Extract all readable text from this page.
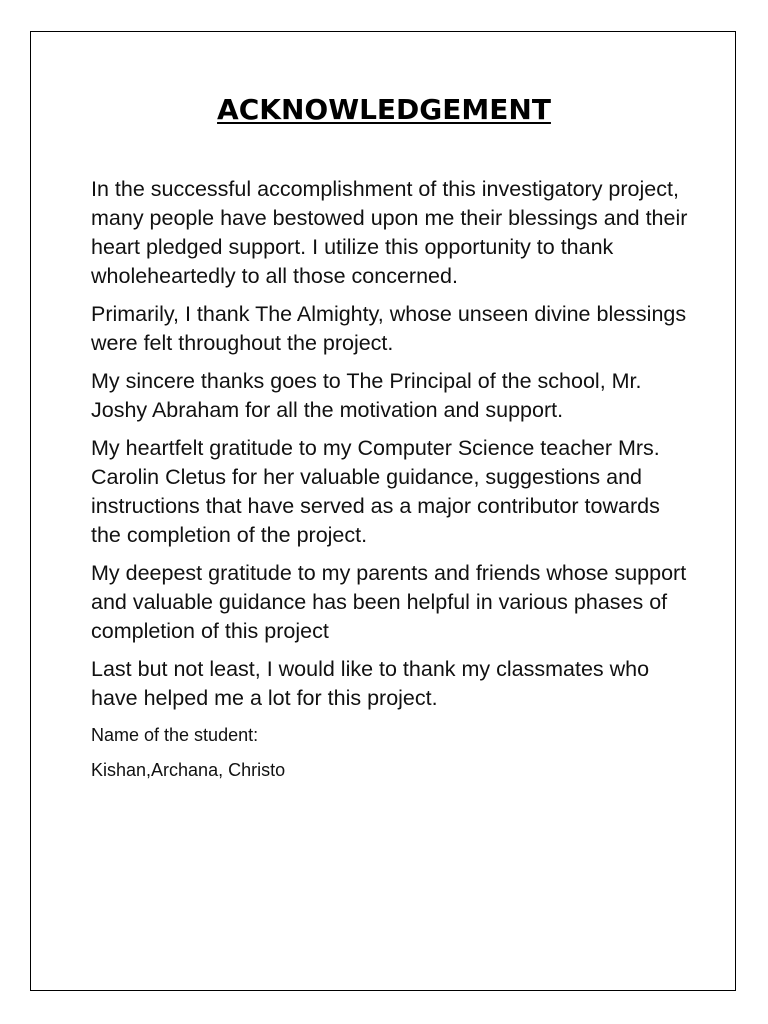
ACKNOWLEDGEMENT

In the successful accomplishment of this investigatory project, many people have bestowed upon me their blessings and their heart pledged support. I utilize this opportunity to thank wholeheartedly to all those concerned.

Primarily, I thank The Almighty, whose unseen divine blessings were felt throughout the project.

My sincere thanks goes to The Principal of the school, Mr. Joshy Abraham for all the motivation and support.

My heartfelt gratitude to my Computer Science teacher Mrs. Carolin Cletus for her valuable guidance, suggestions and instructions that have served as a major contributor towards the completion of the project.

My deepest gratitude to my parents and friends whose support and valuable guidance has been helpful in various phases of completion of this project

Last but not least, I would like to thank my classmates who have helped me a lot for this project.

Name of the student:

Kishan,Archana, Christo
